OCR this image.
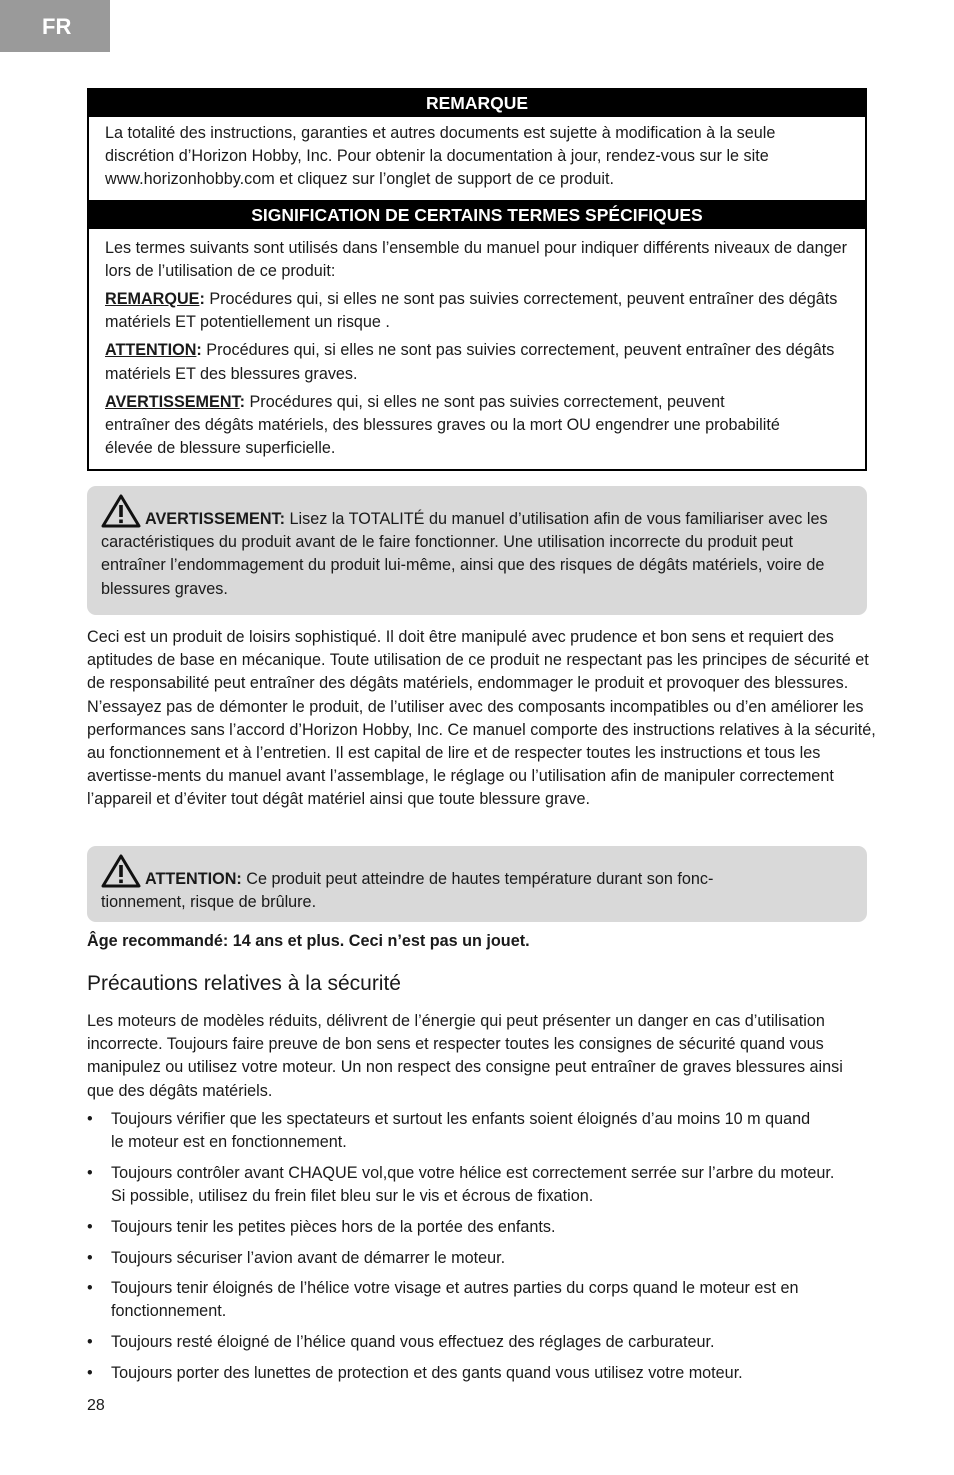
FR
REMARQUE

La totalité des instructions, garanties et autres documents est sujette à modification à la seule discrétion d’Horizon Hobby, Inc. Pour obtenir la documentation à jour, rendez-vous sur le site www.horizonhobby.com et cliquez sur l’onglet de support de ce produit.

SIGNIFICATION DE CERTAINS TERMES SPÉCIFIQUES

Les termes suivants sont utilisés dans l’ensemble du manuel pour indiquer différents niveaux de danger lors de l’utilisation de ce produit:

REMARQUE: Procédures qui, si elles ne sont pas suivies correctement, peuvent entraîner des dégâts matériels ET potentiellement un risque .

ATTENTION: Procédures qui, si elles ne sont pas suivies correctement, peuvent entraîner des dégâts matériels ET des blessures graves.

AVERTISSEMENT: Procédures qui, si elles ne sont pas suivies correctement, peuvent entraîner des dégâts matériels, des blessures graves ou la mort OU engendrer une probabilité élevée de blessure superficielle.

AVERTISSEMENT: Lisez la TOTALITÉ du manuel d’utilisation afin de vous familiariser avec les caractéristiques du produit avant de le faire fonctionner. Une utilisation incorrecte du produit peut entraîner l’endommagement du produit lui-même, ainsi que des risques de dégâts matériels, voire de blessures graves.

Ceci est un produit de loisirs sophistiqué. Il doit être manipulé avec prudence et bon sens et requiert des aptitudes de base en mécanique. Toute utilisation de ce produit ne respectant pas les principes de sécurité et de responsabilité peut entraîner des dégâts matériels, endommager le produit et provoquer des blessures. N’essayez pas de démonter le produit, de l’utiliser avec des composants incompatibles ou d’en améliorer les performances sans l’accord d’Horizon Hobby, Inc. Ce manuel comporte des instructions relatives à la sécurité, au fonctionnement et à l’entretien. Il est capital de lire et de respecter toutes les instructions et tous les avertisse-ments du manuel avant l’assemblage, le réglage ou l’utilisation afin de manipuler correctement l’appareil et d’éviter tout dégât matériel ainsi que toute blessure grave.

ATTENTION: Ce produit peut atteindre de hautes température durant son fonc-tionnement, risque de brûlure.

Âge recommandé: 14 ans et plus. Ceci n’est pas un jouet.

Précautions relatives à la sécurité

Les moteurs de modèles réduits, délivrent de l’énergie qui peut présenter un danger en cas d’utilisation incorrecte. Toujours faire preuve de bon sens et respecter toutes les consignes de sécurité quand vous manipulez ou utilisez votre moteur. Un non respect des consigne peut entraîner de graves blessures ainsi que des dégâts matériels.

• Toujours vérifier que les spectateurs et surtout les enfants soient éloignés d’au moins 10 m quand le moteur est en fonctionnement.
• Toujours contrôler avant CHAQUE vol,que votre hélice est correctement serrée sur l’arbre du moteur. Si possible, utilisez du frein filet bleu sur le vis et écrous de fixation.
• Toujours tenir les petites pièces hors de la portée des enfants.
• Toujours sécuriser l’avion avant de démarrer le moteur.
• Toujours tenir éloignés de l’hélice votre visage et autres parties du corps quand le moteur est en fonctionnement.
• Toujours resté éloigné de l’hélice quand vous effectuez des réglages de carburateur.
• Toujours porter des lunettes de protection et des gants quand vous utilisez votre moteur.
28
